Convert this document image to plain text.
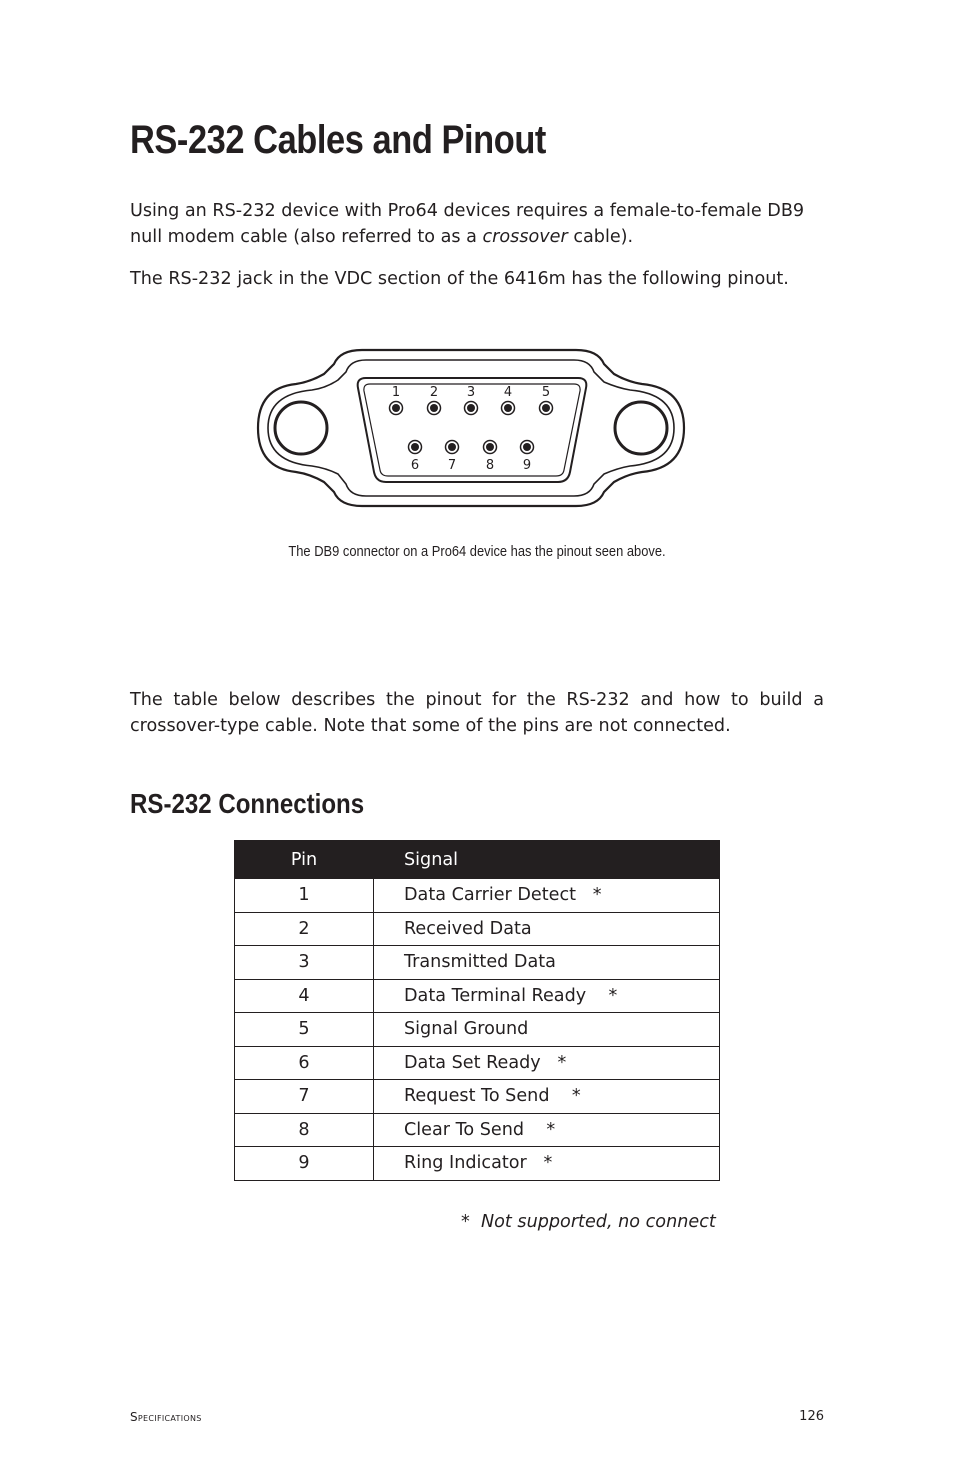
RS-232 Cables and Pinout

Using an RS-232 device with Pro64 devices requires a female-to-female DB9 null modem cable (also referred to as a crossover cable).

The RS-232 jack in the VDC section of the 6416m has the following pinout.

1 2 3 4 5
6 7 8 9
The DB9 connector on a Pro64 device has the pinout seen above.

The table below describes the pinout for the RS-232 and how to build a crossover-type cable. Note that some of the pins are not connected.

RS-232 Connections
Pin	Signal
1	Data Carrier Detect   *
2	Received Data
3	Transmitted Data
4	Data Terminal Ready    *
5	Signal Ground
6	Data Set Ready   *
7	Request To Send    *
8	Clear To Send    *
9	Ring Indicator   *
*  Not supported, no connect
Specifications	126
